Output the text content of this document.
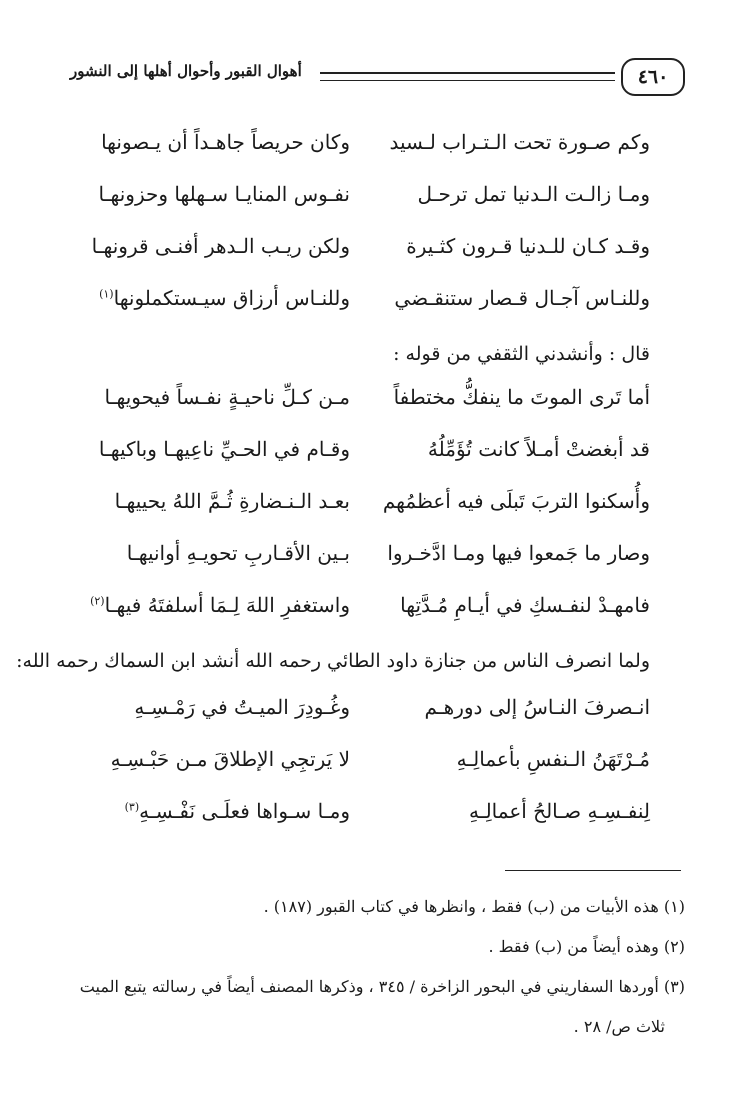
٤٦٠
أهوال القبور وأحوال أهلها إلى النشور
وكم صـورة تحت الـتـراب لـسيد
وكان حريصاً جاهـداً أن يـصونها
ومـا زالـت الـدنيا تمل ترحـل
نفـوس المنايـا سـهلها وحزونهـا
وقـد كـان للـدنيا قـرون كثـيرة
ولكن ريـب الـدهر أفنـى قرونهـا
وللنـاس آجـال قـصار ستنقـضي
وللنـاس أرزاق سيـستكملونها$^{(١)}$
قال : وأنشدني الثقفي من قوله :
أما تَرى الموتَ ما ينفكُّ مختطفاً
مـن كـلِّ ناحيـةٍ نفـساً فيحويهـا
قد أبغضتْ أمـلاً كانت تُؤَمِّلُهُ
وقـام في الحـيِّ ناعِيهـا وباكيهـا
وأُسكنوا التربَ تَبلَى فيه أعظمُهم
بعـد الـنـضارةِ ثُـمَّ اللهُ يحييهـا
وصار ما جَمعوا فيها ومـا ادَّخـروا
بـين الأقـاربِ تحويـهِ أوانيهـا
فامهـدْ لنفـسكِ في أيـامِ مُـدَّتِها
واستغفرِ اللهَ لِـمَا أسلفتَهُ فيهـا$^{(٢)}$
ولما انصرف الناس من جنازة داود الطائي رحمه الله أنشد ابن السماك رحمه الله:
انـصرفَ النـاسُ إلى دورهـم
وغُـودِرَ الميـتُ في رَمْـسِـهِ
مُـرْتَهَنُ الـنفسِ بأعمالِـهِ
لا يَرتجِي الإطلاقَ مـن حَبْـسِـهِ
لِنفـسِـهِ صـالحُ أعمالِـهِ
ومـا سـواها فعلَـى نَفْـسِـهِ$^{(٣)}$
(١) هذه الأبيات من (ب) فقط ، وانظرها في كتاب القبور (١٨٧) .
(٢) وهذه أيضاً من (ب) فقط .
(٣) أوردها السفاريني في البحور الزاخرة / ٣٤٥ ، وذكرها المصنف أيضاً في رسالته يتبع الميت
ثلاث ص/ ٢٨ .
